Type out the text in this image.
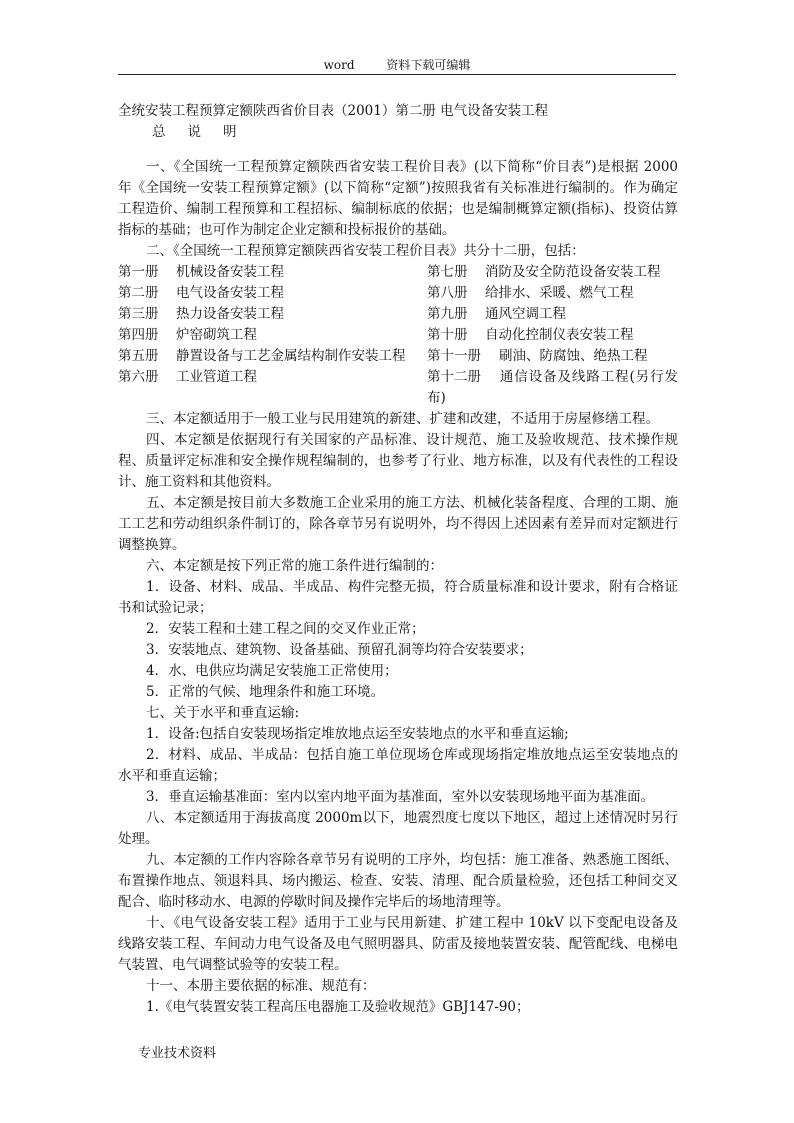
word	资料下载可编辑
全统安装工程预算定额陕西省价目表（2001）第二册 电气设备安装工程
总说明

一、《全国统一工程预算定额陕西省安装工程价目表》(以下简称“价目表”)是根据 2000 年《全国统一安装工程预算定额》(以下简称“定额”)按照我省有关标准进行编制的。作为确定工程造价、编制工程预算和工程招标、编制标底的依据；也是编制概算定额(指标)、投资估算指标的基础；也可作为制定企业定额和投标报价的基础。

二、《全国统一工程预算定额陕西省安装工程价目表》共分十二册，包括：

第一册 机械设备安装工程	第七册 消防及安全防范设备安装工程
第二册 电气设备安装工程	第八册 给排水、采暖、燃气工程
第三册 热力设备安装工程	第九册 通风空调工程
第四册 炉窑砌筑工程	第十册 自动化控制仪表安装工程
第五册 静置设备与工艺金属结构制作安装工程	第十一册 刷油、防腐蚀、绝热工程
第六册 工业管道工程	第十二册 通信设备及线路工程(另行发布)

三、本定额适用于一般工业与民用建筑的新建、扩建和改建，不适用于房屋修缮工程。

四、本定额是依据现行有关国家的产品标准、设计规范、施工及验收规范、技术操作规程、质量评定标准和安全操作规程编制的，也参考了行业、地方标准，以及有代表性的工程设计、施工资料和其他资料。

五、本定额是按目前大多数施工企业采用的施工方法、机械化装备程度、合理的工期、施工工艺和劳动组织条件制订的，除各章节另有说明外，均不得因上述因素有差异而对定额进行调整换算。

六、本定额是按下列正常的施工条件进行编制的：

1．设备、材料、成品、半成品、构件完整无损，符合质量标准和设计要求，附有合格证书和试验记录；

2．安装工程和土建工程之间的交叉作业正常；

3．安装地点、建筑物、设备基础、预留孔洞等均符合安装要求；

4．水、电供应均满足安装施工正常使用；

5．正常的气候、地理条件和施工环境。

七、关于水平和垂直运输:

1．设备:包括自安装现场指定堆放地点运至安装地点的水平和垂直运输;

2．材料、成品、半成品：包括自施工单位现场仓库或现场指定堆放地点运至安装地点的水平和垂直运输；

3．垂直运输基准面：室内以室内地平面为基准面，室外以安装现场地平面为基准面。

八、本定额适用于海拔高度 2000m以下，地震烈度七度以下地区，超过上述情况时另行处理。

九、本定额的工作内容除各章节另有说明的工序外，均包括：施工准备、熟悉施工图纸、布置操作地点、领退料具、场内搬运、检查、安装、清理、配合质量检验，还包括工种间交叉配合、临时移动水、电源的停歇时间及操作完毕后的场地清理等。

十、《电气设备安装工程》适用于工业与民用新建、扩建工程中 10kV 以下变配电设备及线路安装工程、车间动力电气设备及电气照明器具、防雷及接地装置安装、配管配线、电梯电气装置、电气调整试验等的安装工程。

十一、本册主要依据的标准、规范有：

1.《电气装置安装工程高压电器施工及验收规范》GBJ147-90；

专业技术资料
